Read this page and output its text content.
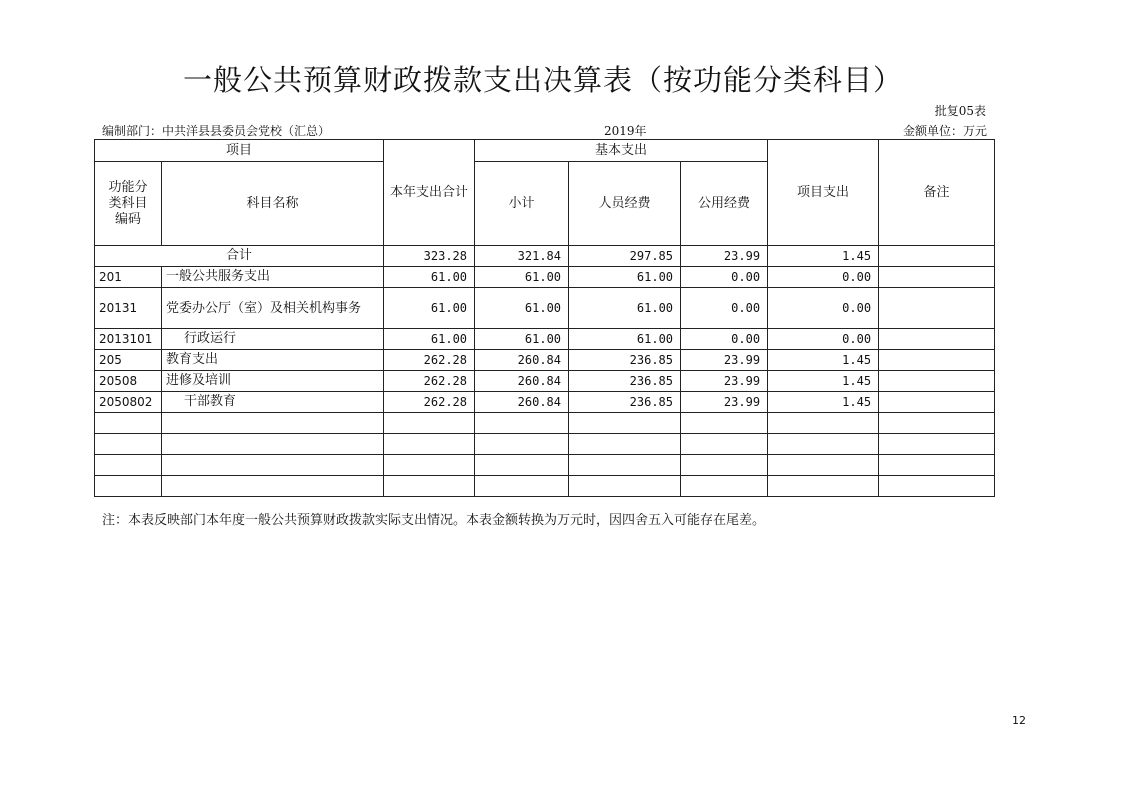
一般公共预算财政拨款支出决算表（按功能分类科目）
批复05表
编制部门：中共洋县县委员会党校（汇总）	2019年	金额单位：万元
项目		本年支出合计	基本支出			项目支出	备注
功能分类科目编码	科目名称		小计	人员经费	公用经费		
合计		323.28	321.84	297.85	23.99	1.45	
201	一般公共服务支出	61.00	61.00	61.00	0.00	0.00	
20131	党委办公厅（室）及相关机构事务	61.00	61.00	61.00	0.00	0.00	
2013101	行政运行	61.00	61.00	61.00	0.00	0.00	
205	教育支出	262.28	260.84	236.85	23.99	1.45	
20508	进修及培训	262.28	260.84	236.85	23.99	1.45	
2050802	干部教育	262.28	260.84	236.85	23.99	1.45	

注：本表反映部门本年度一般公共预算财政拨款实际支出情况。本表金额转换为万元时，因四舍五入可能存在尾差。
12
